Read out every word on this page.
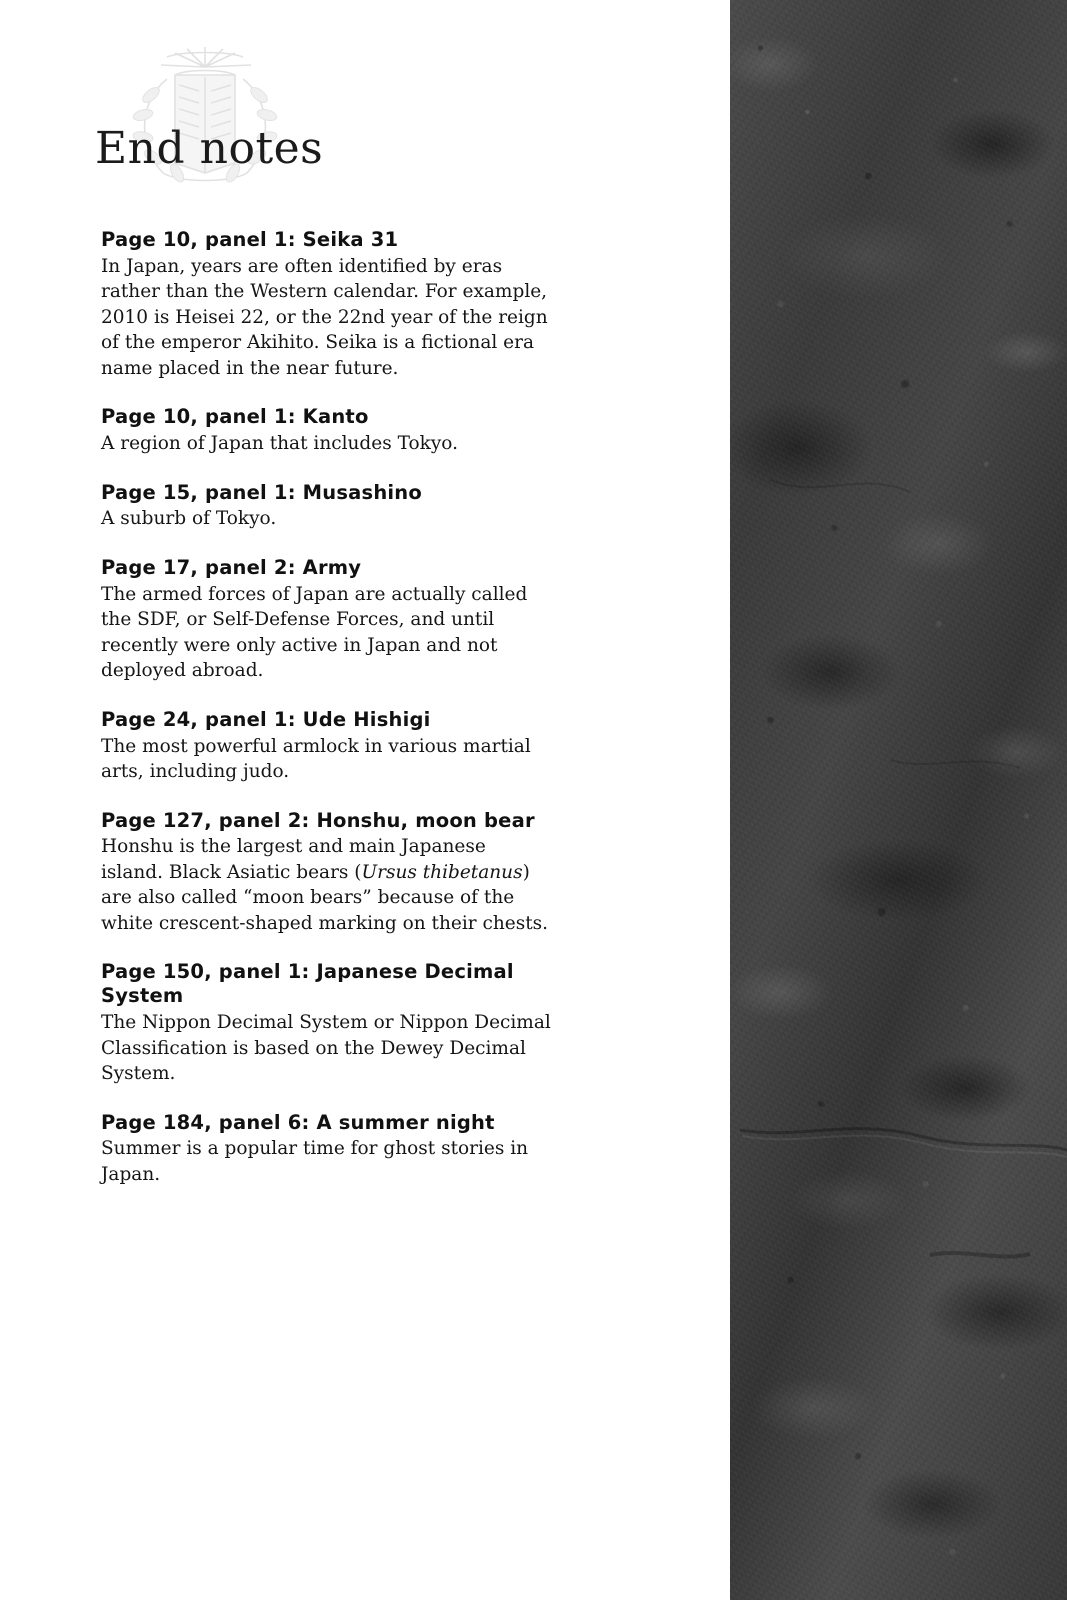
End notes

Page 10, panel 1: Seika 31

In Japan, years are often identified by eras rather than the Western calendar. For example, 2010 is Heisei 22, or the 22nd year of the reign of the emperor Akihito. Seika is a fictional era name placed in the near future.

Page 10, panel 1: Kanto

A region of Japan that includes Tokyo.

Page 15, panel 1: Musashino

A suburb of Tokyo.

Page 17, panel 2: Army

The armed forces of Japan are actually called the SDF, or Self-Defense Forces, and until recently were only active in Japan and not deployed abroad.

Page 24, panel 1: Ude Hishigi

The most powerful armlock in various martial arts, including judo.

Page 127, panel 2: Honshu, moon bear

Honshu is the largest and main Japanese island. Black Asiatic bears (Ursus thibetanus) are also called “moon bears” because of the white crescent-shaped marking on their chests.

Page 150, panel 1: Japanese Decimal System

The Nippon Decimal System or Nippon Decimal Classification is based on the Dewey Decimal System.

Page 184, panel 6: A summer night

Summer is a popular time for ghost stories in Japan.
